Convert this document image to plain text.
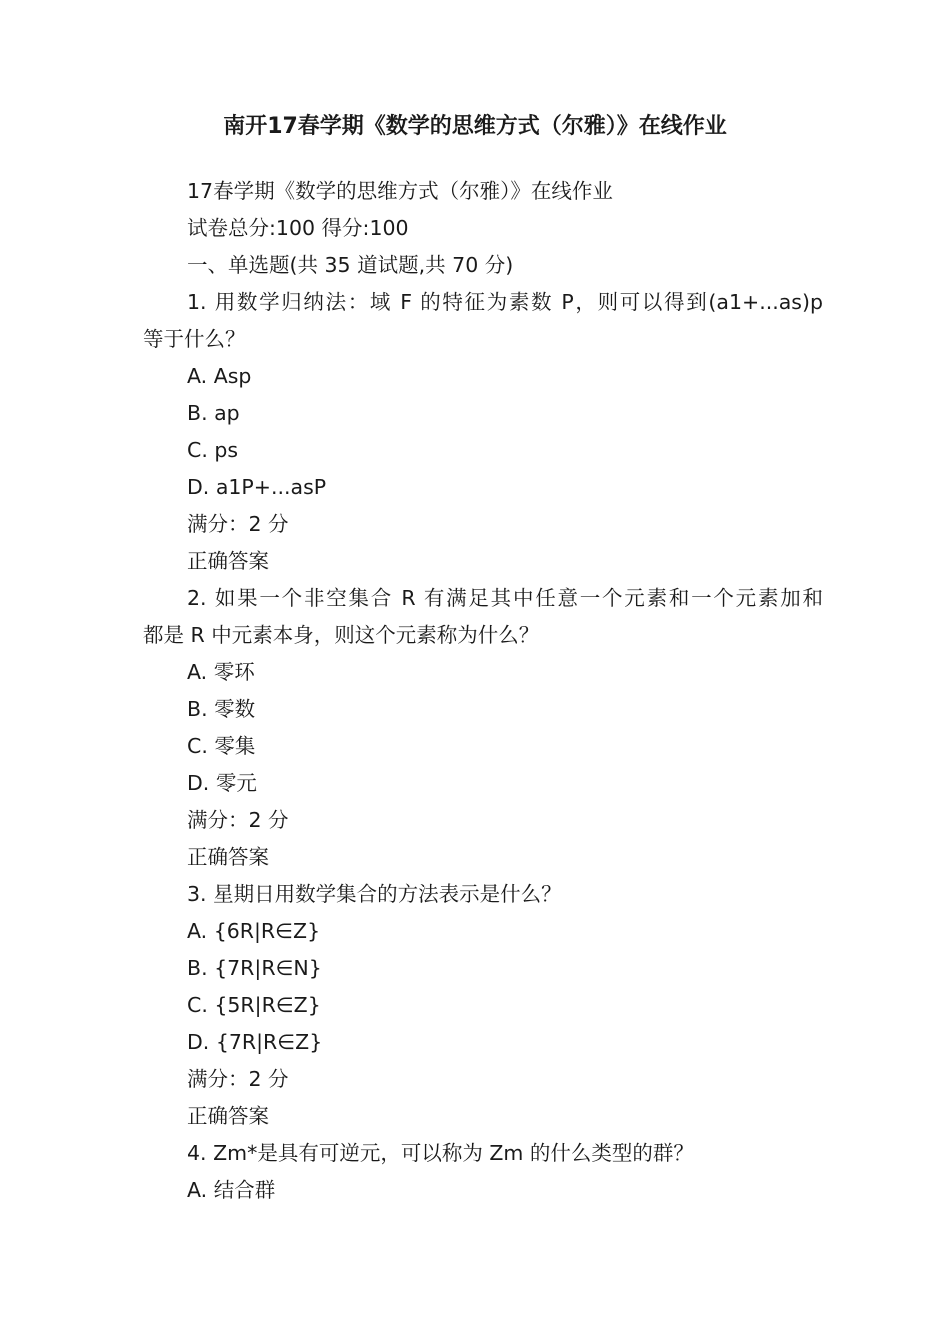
南开17春学期《数学的思维方式（尔雅）》在线作业
17春学期《数学的思维方式（尔雅）》在线作业
试卷总分:100 得分:100
一、单选题(共 35 道试题,共 70 分)
1. 用数学归纳法：域 F 的特征为素数 P，则可以得到(a1+...as)p
等于什么？
A. Asp
B. ap
C. ps
D. a1P+...asP
满分：2 分
正确答案
2. 如果一个非空集合 R 有满足其中任意一个元素和一个元素加和
都是 R 中元素本身，则这个元素称为什么？
A. 零环
B. 零数
C. 零集
D. 零元
满分：2 分
正确答案
3. 星期日用数学集合的方法表示是什么？
A. {6R|R∈Z}
B. {7R|R∈N}
C. {5R|R∈Z}
D. {7R|R∈Z}
满分：2 分
正确答案
4. Zm*是具有可逆元，可以称为 Zm 的什么类型的群？
A. 结合群
